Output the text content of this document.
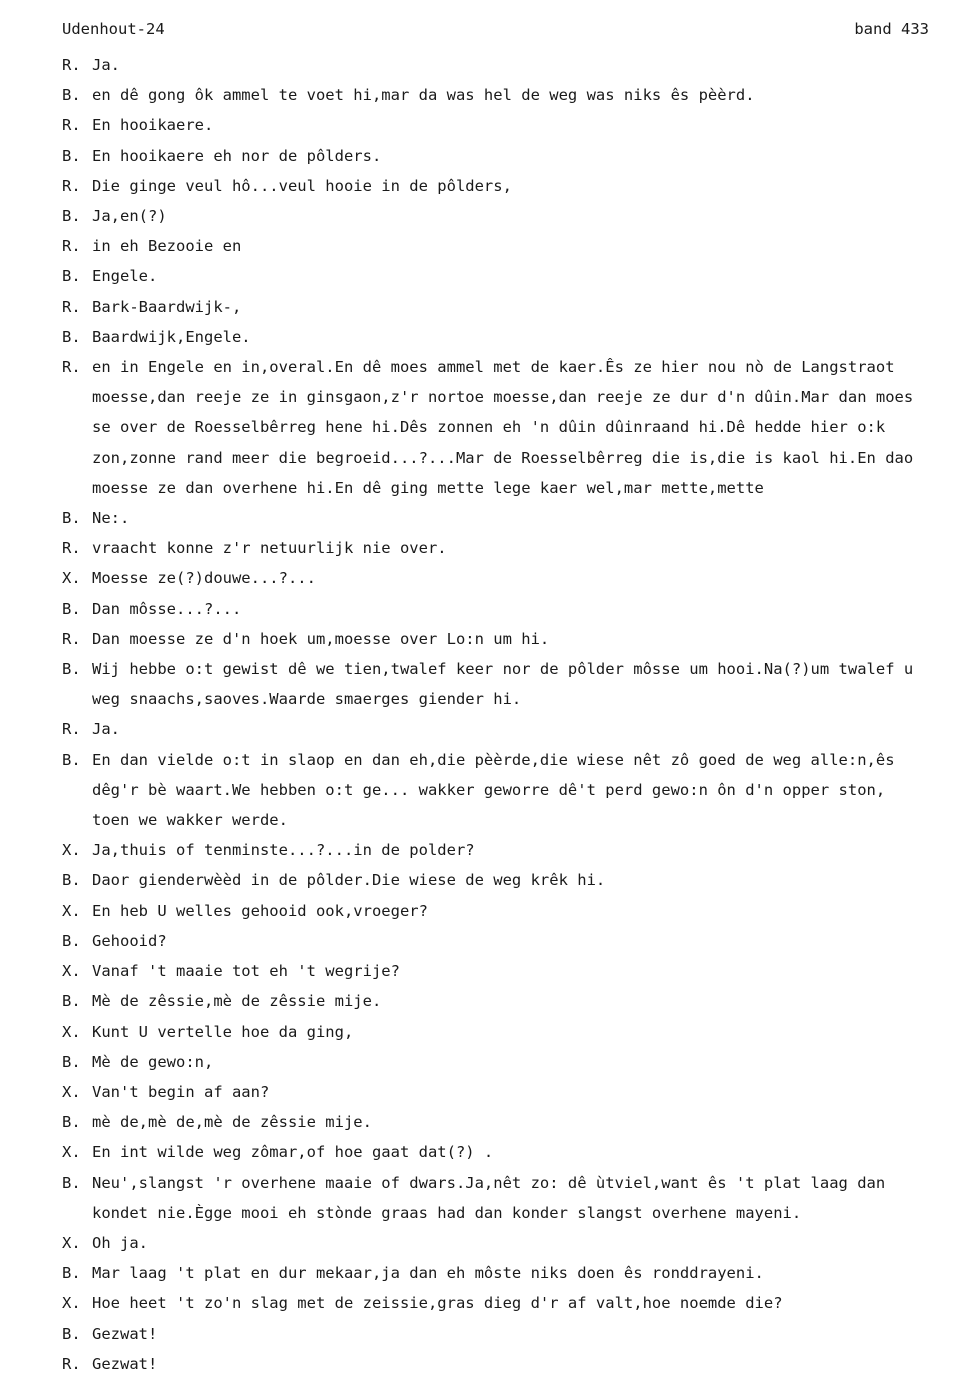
Udenhout-24	band 433
R. Ja.
B. en dê gong ôk ammel te voet hi,mar da was hel de weg was niks ês pèèrd.
R. En hooikaere.
B. En hooikaere eh nor de pôlders.
R. Die ginge veul hô...veul hooie in de pôlders,
B. Ja,en(?)
R. in eh Bezooie en
B. Engele.
R. Bark-Baardwijk-,
B. Baardwijk,Engele.
R. en in Engele en in,overal.En dê moes ammel met de kaer.Ês ze hier nou nò de Langstraot
moesse,dan reeje ze in ginsgaon,z'r nortoe moesse,dan reeje ze dur d'n dûin.Mar dan moes
se over de Roesselbêrreg hene hi.Dês zonnen eh 'n dûin dûinraand hi.Dê hedde hier o:k
zon,zonne rand meer die begroeid...?...Mar de Roesselbêrreg die is,die is kaol hi.En dao
moesse ze dan overhene hi.En dê ging mette lege kaer wel,mar mette,mette
B. Ne:.
R. vraacht konne z'r netuurlijk nie over.
X. Moesse ze(?)douwe...?...
B. Dan môsse...?...
R. Dan moesse ze d'n hoek um,moesse over Lo:n um hi.
B. Wij hebbe o:t gewist dê we tien,twalef keer nor de pôlder môsse um hooi.Na(?)um twalef u
weg snaachs,saoves.Waarde smaerges giender hi.
R. Ja.
B. En dan vielde o:t in slaop en dan eh,die pèèrde,die wiese nêt zô goed de weg alle:n,ês
dêg'r bè waart.We hebben o:t ge... wakker geworre dê't perd gewo:n ôn d'n opper ston,
toen we wakker werde.
X. Ja,thuis of tenminste...?...in de polder?
B. Daor gienderwèèd in de pôlder.Die wiese de weg krêk hi.
X. En heb U welles gehooid ook,vroeger?
B. Gehooid?
X. Vanaf 't maaie tot eh 't wegrije?
B. Mè de zêssie,mè de zêssie mije.
X. Kunt U vertelle hoe da ging,
B. Mè de gewo:n,
X. Van't begin af aan?
B. mè de,mè de,mè de zêssie mije.
X. En int wilde weg zômar,of hoe gaat dat(?) .
B. Neu',slangst 'r overhene maaie of dwars.Ja,nêt zo: dê ùtviel,want ês 't plat laag dan
kondet nie.Ègge mooi eh stònde graas had dan konder slangst overhene mayeni.
X. Oh ja.
B. Mar laag 't plat en dur mekaar,ja dan eh môste niks doen ês ronddrayeni.
X. Hoe heet 't zo'n slag met de zeissie,gras dieg d'r af valt,hoe noemde die?
B. Gezwat!
R. Gezwat!
